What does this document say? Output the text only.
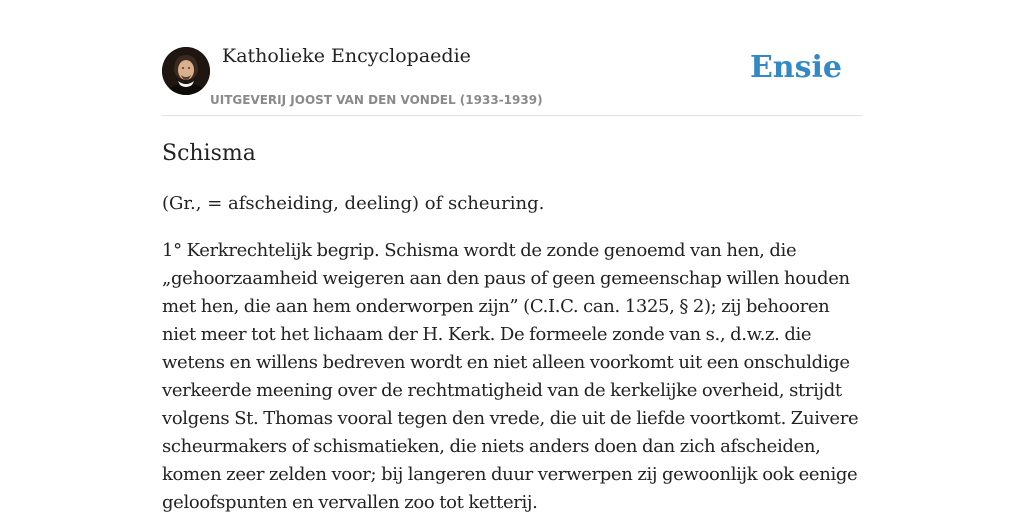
Katholieke Encyclopaedie
UITGEVERIJ JOOST VAN DEN VONDEL (1933-1939)
Ensie
Schisma

(Gr., = afscheiding, deeling) of scheuring.

1° Kerkrechtelijk begrip. Schisma wordt de zonde genoemd van hen, die „gehoorzaamheid weigeren aan den paus of geen gemeenschap willen houden met hen, die aan hem onderworpen zijn” (C.I.C. can. 1325, § 2); zij behooren niet meer tot het lichaam der H. Kerk. De formeele zonde van s., d.w.z. die wetens en willens bedreven wordt en niet alleen voorkomt uit een onschuldige verkeerde meening over de rechtmatigheid van de kerkelijke overheid, strijdt volgens St. Thomas vooral tegen den vrede, die uit de liefde voortkomt. Zuivere scheurmakers of schismatieken, die niets anders doen dan zich afscheiden, komen zeer zelden voor; bij langeren duur verwerpen zij gewoonlijk ook eenige geloofspunten en vervallen zoo tot ketterij.
